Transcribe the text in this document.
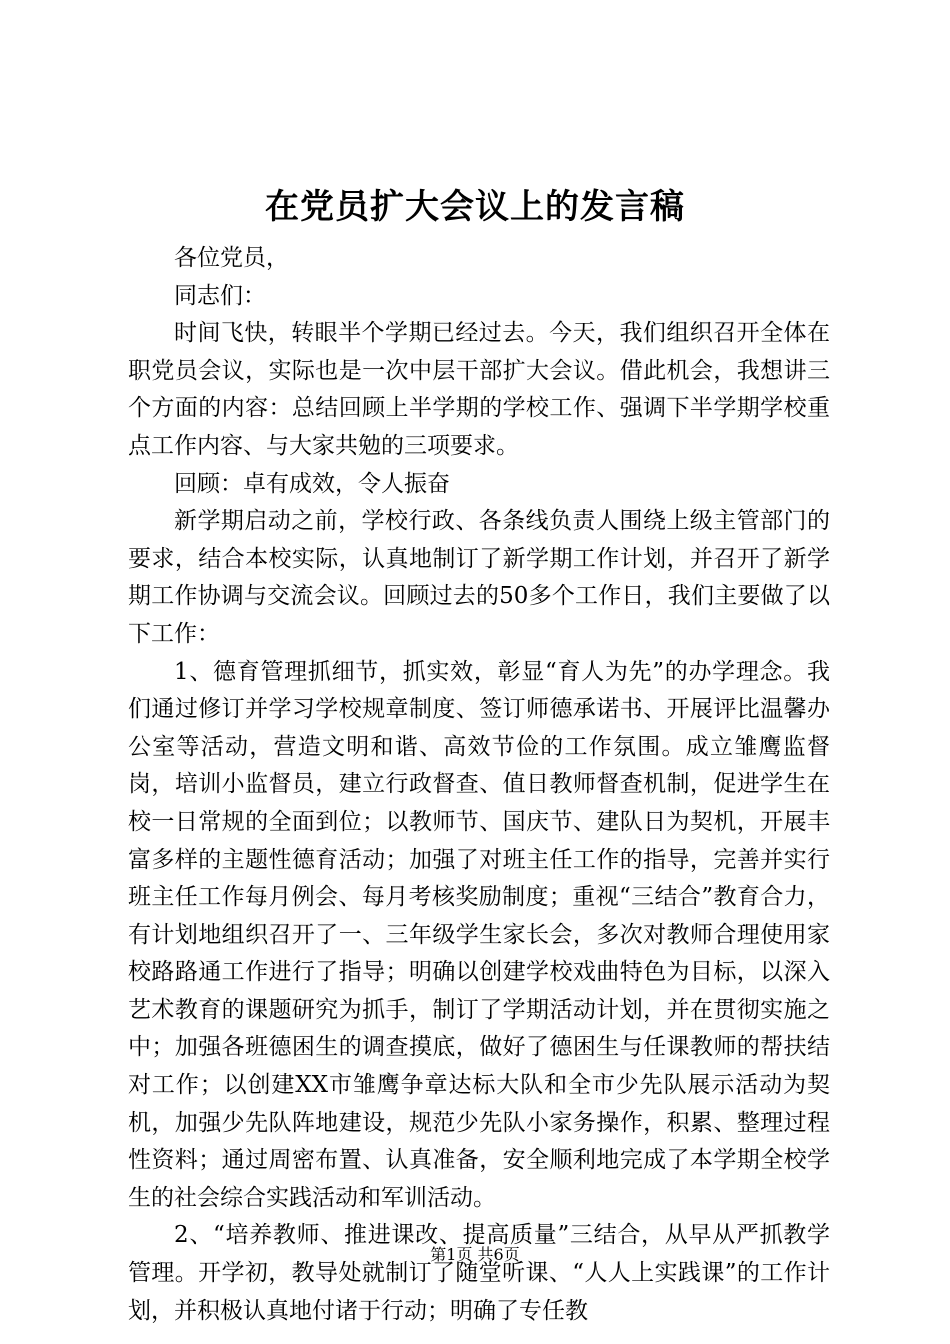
在党员扩大会议上的发言稿

各位党员，

同志们：

时间飞快，转眼半个学期已经过去。今天，我们组织召开全体在职党员会议，实际也是一次中层干部扩大会议。借此机会，我想讲三个方面的内容：总结回顾上半学期的学校工作、强调下半学期学校重点工作内容、与大家共勉的三项要求。

回顾：卓有成效，令人振奋

新学期启动之前，学校行政、各条线负责人围绕上级主管部门的要求，结合本校实际，认真地制订了新学期工作计划，并召开了新学期工作协调与交流会议。回顾过去的50多个工作日，我们主要做了以下工作：

1、德育管理抓细节，抓实效，彰显“育人为先”的办学理念。我们通过修订并学习学校规章制度、签订师德承诺书、开展评比温馨办公室等活动，营造文明和谐、高效节俭的工作氛围。成立雏鹰监督岗，培训小监督员，建立行政督查、值日教师督查机制，促进学生在校一日常规的全面到位；以教师节、国庆节、建队日为契机，开展丰富多样的主题性德育活动；加强了对班主任工作的指导，完善并实行班主任工作每月例会、每月考核奖励制度；重视“三结合”教育合力，有计划地组织召开了一、三年级学生家长会，多次对教师合理使用家校路路通工作进行了指导；明确以创建学校戏曲特色为目标，以深入艺术教育的课题研究为抓手，制订了学期活动计划，并在贯彻实施之中；加强各班德困生的调查摸底，做好了德困生与任课教师的帮扶结对工作；以创建XX市雏鹰争章达标大队和全市少先队展示活动为契机，加强少先队阵地建设，规范少先队小家务操作，积累、整理过程性资料；通过周密布置、认真准备，安全顺利地完成了本学期全校学生的社会综合实践活动和军训活动。

2、“培养教师、推进课改、提高质量”三结合，从早从严抓教学管理。开学初，教导处就制订了随堂听课、“人人上实践课”的工作计划，并积极认真地付诸于行动；明确了专任教

第1页 共6页
